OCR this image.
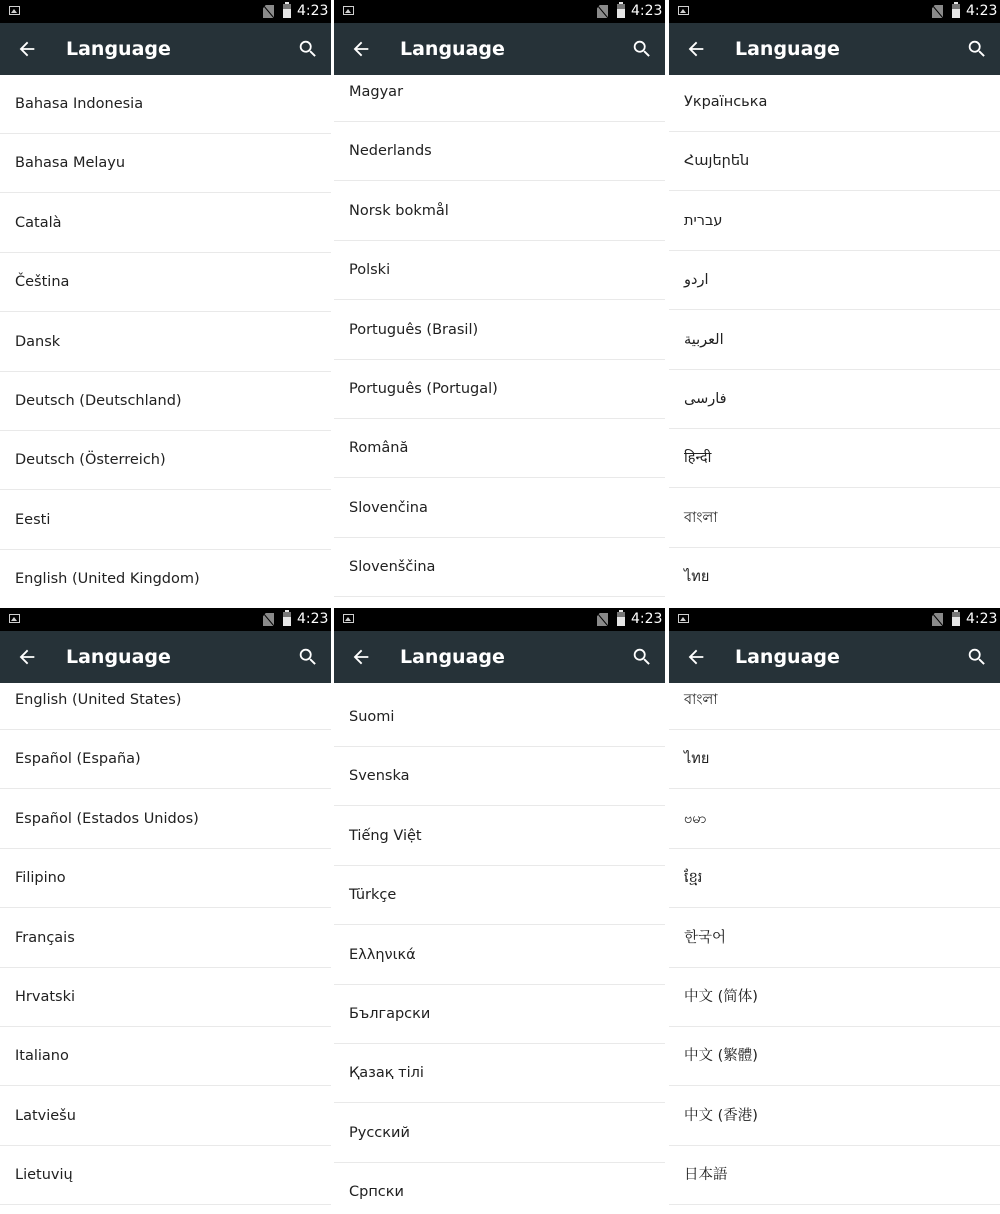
4:23
Language
Bahasa Indonesia
Bahasa Melayu
Català
Čeština
Dansk
Deutsch (Deutschland)
Deutsch (Österreich)
Eesti
English (United Kingdom)
4:23
Language
Magyar
Nederlands
Norsk bokmål
Polski
Português (Brasil)
Português (Portugal)
Română
Slovenčina
Slovenščina
4:23
Language
Українська
Հայերեն
עברית
اردو
العربية
فارسی
हिन्दी
বাংলা
ไทย
4:23
Language
English (United States)
Español (España)
Español (Estados Unidos)
Filipino
Français
Hrvatski
Italiano
Latviešu
Lietuvių
4:23
Language
Suomi
Svenska
Tiếng Việt
Türkçe
Ελληνικά
Български
Қазақ тілі
Русский
Српски
4:23
Language
বাংলা
ไทย
ဗမာ
ខ្មែរ
한국어
中文 (简体)
中文 (繁體)
中文 (香港)
日本語
